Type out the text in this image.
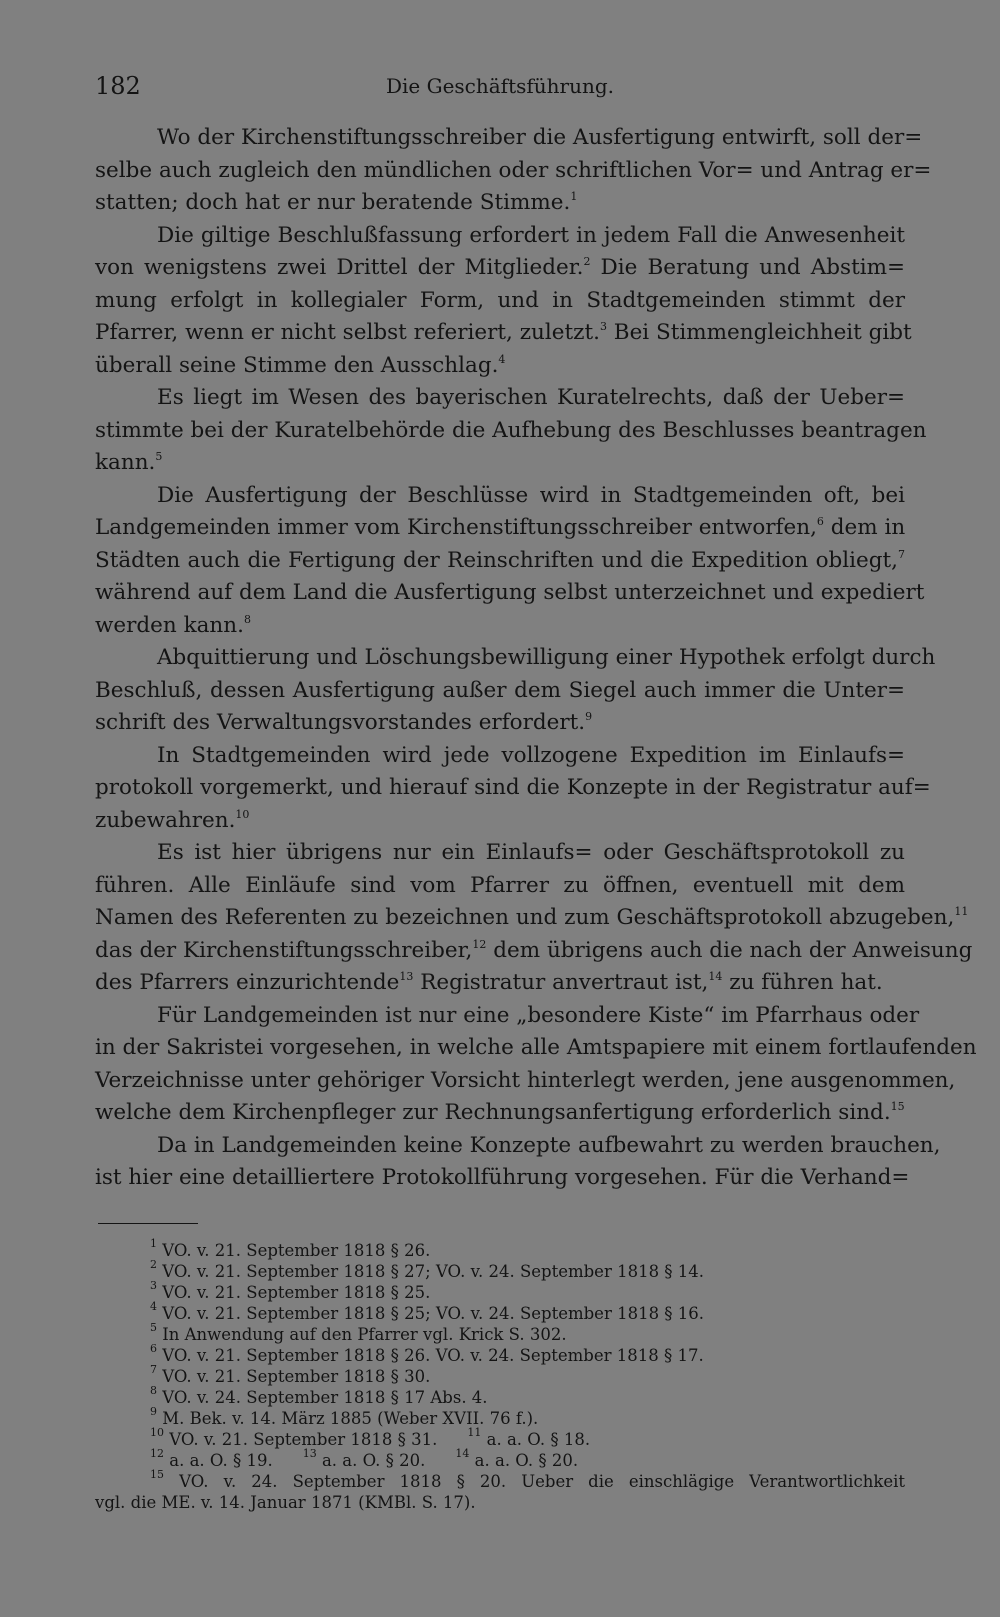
182	Die Geschäftsführung.
Wo der Kirchenstiftungsschreiber die Ausfertigung entwirft, soll der=
selbe auch zugleich den mündlichen oder schriftlichen Vor= und Antrag er=
statten; doch hat er nur beratende Stimme.$^1$
Die giltige Beschlußfassung erfordert in jedem Fall die Anwesenheit
von wenigstens zwei Drittel der Mitglieder.$^2$ Die Beratung und Abstim=
mung erfolgt in kollegialer Form, und in Stadtgemeinden stimmt der
Pfarrer, wenn er nicht selbst referiert, zuletzt.$^3$ Bei Stimmengleichheit gibt
überall seine Stimme den Ausschlag.$^4$
Es liegt im Wesen des bayerischen Kuratelrechts, daß der Ueber=
stimmte bei der Kuratelbehörde die Aufhebung des Beschlusses beantragen
kann.$^5$
Die Ausfertigung der Beschlüsse wird in Stadtgemeinden oft, bei
Landgemeinden immer vom Kirchenstiftungsschreiber entworfen,$^6$ dem in
Städten auch die Fertigung der Reinschriften und die Expedition obliegt,$^7$
während auf dem Land die Ausfertigung selbst unterzeichnet und expediert
werden kann.$^8$
Abquittierung und Löschungsbewilligung einer Hypothek erfolgt durch
Beschluß, dessen Ausfertigung außer dem Siegel auch immer die Unter=
schrift des Verwaltungsvorstandes erfordert.$^9$
In Stadtgemeinden wird jede vollzogene Expedition im Einlaufs=
protokoll vorgemerkt, und hierauf sind die Konzepte in der Registratur auf=
zubewahren.$^{10}$
Es ist hier übrigens nur ein Einlaufs= oder Geschäftsprotokoll zu
führen. Alle Einläufe sind vom Pfarrer zu öffnen, eventuell mit dem
Namen des Referenten zu bezeichnen und zum Geschäftsprotokoll abzugeben,$^{11}$
das der Kirchenstiftungsschreiber,$^{12}$ dem übrigens auch die nach der Anweisung
des Pfarrers einzurichtende$^{13}$ Registratur anvertraut ist,$^{14}$ zu führen hat.
Für Landgemeinden ist nur eine „besondere Kiste“ im Pfarrhaus oder
in der Sakristei vorgesehen, in welche alle Amtspapiere mit einem fortlaufenden
Verzeichnisse unter gehöriger Vorsicht hinterlegt werden, jene ausgenommen,
welche dem Kirchenpfleger zur Rechnungsanfertigung erforderlich sind.$^{15}$
Da in Landgemeinden keine Konzepte aufbewahrt zu werden brauchen,
ist hier eine detailliertere Protokollführung vorgesehen. Für die Verhand=
$^1$ VO. v. 21. September 1818 § 26.
$^2$ VO. v. 21. September 1818 § 27; VO. v. 24. September 1818 § 14.
$^3$ VO. v. 21. September 1818 § 25.
$^4$ VO. v. 21. September 1818 § 25; VO. v. 24. September 1818 § 16.
$^5$ In Anwendung auf den Pfarrer vgl. Krick S. 302.
$^6$ VO. v. 21. September 1818 § 26. VO. v. 24. September 1818 § 17.
$^7$ VO. v. 21. September 1818 § 30.
$^8$ VO. v. 24. September 1818 § 17 Abs. 4.
$^9$ M. Bek. v. 14. März 1885 (Weber XVII. 76 f.).
$^{10}$ VO. v. 21. September 1818 § 31.	$^{11}$ a. a. O. § 18.
$^{12}$ a. a. O. § 19.	$^{13}$ a. a. O. § 20.	$^{14}$ a. a. O. § 20.
$^{15}$ VO. v. 24. September 1818 § 20. Ueber die einschlägige Verantwortlichkeit
vgl. die ME. v. 14. Januar 1871 (KMBl. S. 17).
